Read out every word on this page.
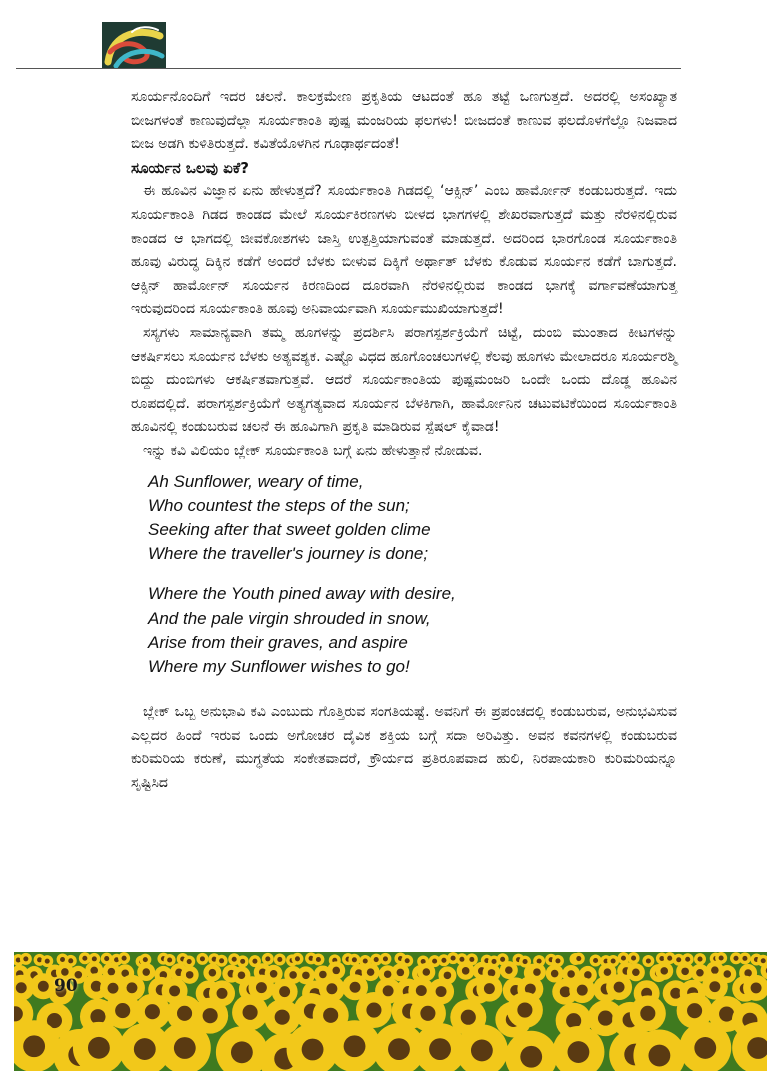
ಸೂರ್ಯನೊಂದಿಗೆ ಇದರ ಚಲನೆ. ಕಾಲಕ್ರಮೇಣ ಪ್ರಕೃತಿಯ ಆಟದಂತೆ ಹೂ ತಟ್ಟೆ ಒಣಗುತ್ತದೆ. ಅದರಲ್ಲಿ ಅಸಂಖ್ಯಾತ ಬೀಜಗಳಂತೆ ಕಾಣುವುದೆಲ್ಲಾ ಸೂರ್ಯಕಾಂತಿ ಪುಷ್ಪ ಮಂಜರಿಯ ಫಲಗಳು! ಬೀಜದಂತೆ ಕಾಣುವ ಫಲದೊಳಗೆಲ್ಲೊ ನಿಜವಾದ ಬೀಜ ಅಡಗಿ ಕುಳಿತಿರುತ್ತದೆ. ಕವಿತೆಯೊಳಗಿನ ಗೂಢಾರ್ಥದಂತೆ!

ಸೂರ್ಯನ ಒಲವು ಏಕೆ?

ಈ ಹೂವಿನ ವಿಜ್ಞಾನ ಏನು ಹೇಳುತ್ತದೆ? ಸೂರ್ಯಕಾಂತಿ ಗಿಡದಲ್ಲಿ ‘ಆಕ್ಸಿನ್’ ಎಂಬ ಹಾರ್ಮೋನ್ ಕಂಡುಬರುತ್ತದೆ. ಇದು ಸೂರ್ಯಕಾಂತಿ ಗಿಡದ ಕಾಂಡದ ಮೇಲೆ ಸೂರ್ಯಕಿರಣಗಳು ಬೀಳದ ಭಾಗಗಳಲ್ಲಿ ಶೇಖರವಾಗುತ್ತದೆ ಮತ್ತು ನೆರಳಿನಲ್ಲಿರುವ ಕಾಂಡದ ಆ ಭಾಗದಲ್ಲಿ ಜೀವಕೋಶಗಳು ಜಾಸ್ತಿ ಉತ್ಪತ್ತಿಯಾಗುವಂತೆ ಮಾಡುತ್ತದೆ. ಅದರಿಂದ ಭಾರಗೊಂಡ ಸೂರ್ಯಕಾಂತಿ ಹೂವು ವಿರುದ್ಧ ದಿಕ್ಕಿನ ಕಡೆಗೆ ಅಂದರೆ ಬೆಳಕು ಬೀಳುವ ದಿಕ್ಕಿಗೆ ಅರ್ಥಾತ್ ಬೆಳಕು ಕೊಡುವ ಸೂರ್ಯನ ಕಡೆಗೆ ಬಾಗುತ್ತದೆ. ಆಕ್ಸಿನ್ ಹಾರ್ಮೋನ್ ಸೂರ್ಯನ ಕಿರಣದಿಂದ ದೂರವಾಗಿ ನೆರಳಿನಲ್ಲಿರುವ ಕಾಂಡದ ಭಾಗಕ್ಕೆ ವರ್ಗಾವಣೆಯಾಗುತ್ತ ಇರುವುದರಿಂದ ಸೂರ್ಯಕಾಂತಿ ಹೂವು ಅನಿವಾರ್ಯವಾಗಿ ಸೂರ್ಯಮುಖಿಯಾಗುತ್ತದೆ!

ಸಸ್ಯಗಳು ಸಾಮಾನ್ಯವಾಗಿ ತಮ್ಮ ಹೂಗಳನ್ನು ಪ್ರದರ್ಶಿಸಿ ಪರಾಗಸ್ಪರ್ಶಕ್ರಿಯೆಗೆ ಚಿಟ್ಟೆ, ದುಂಬಿ ಮುಂತಾದ ಕೀಟಗಳನ್ನು ಆಕರ್ಷಿಸಲು ಸೂರ್ಯನ ಬೆಳಕು ಅತ್ಯವಶ್ಯಕ. ಎಷ್ಟೊ ವಿಧದ ಹೂಗೊಂಚಲುಗಳಲ್ಲಿ ಕೆಲವು ಹೂಗಳು ಮೇಲಾದರೂ ಸೂರ್ಯರಶ್ಮಿ ಬಿದ್ದು ದುಂಬಿಗಳು ಆಕರ್ಷಿತವಾಗುತ್ತವೆ. ಆದರೆ ಸೂರ್ಯಕಾಂತಿಯ ಪುಷ್ಪಮಂಜರಿ ಒಂದೇ ಒಂದು ದೊಡ್ಡ ಹೂವಿನ ರೂಪದಲ್ಲಿದೆ. ಪರಾಗಸ್ಪರ್ಶಕ್ರಿಯೆಗೆ ಅತ್ಯಗತ್ಯವಾದ ಸೂರ್ಯನ ಬೆಳಕಿಗಾಗಿ, ಹಾರ್ಮೋನಿನ ಚಟುವಟಿಕೆಯಿಂದ ಸೂರ್ಯಕಾಂತಿ ಹೂವಿನಲ್ಲಿ ಕಂಡುಬರುವ ಚಲನೆ ಈ ಹೂವಿಗಾಗಿ ಪ್ರಕೃತಿ ಮಾಡಿರುವ ಸ್ಪೆಷಲ್ ಕೈವಾಡ!

ಇನ್ನು ಕವಿ ವಿಲಿಯಂ ಬ್ಲೇಕ್ ಸೂರ್ಯಕಾಂತಿ ಬಗ್ಗೆ ಏನು ಹೇಳುತ್ತಾನೆ ನೋಡುವ.

Ah Sunflower, weary of time,
Who countest the steps of the sun;
Seeking after that sweet golden clime
Where the traveller's journey is done;
Where the Youth pined away with desire,
And the pale virgin shrouded in snow,
Arise from their graves, and aspire
Where my Sunflower wishes to go!

ಬ್ಲೇಕ್ ಒಬ್ಬ ಅನುಭಾವಿ ಕವಿ ಎಂಬುದು ಗೊತ್ತಿರುವ ಸಂಗತಿಯಷ್ಟೆ. ಅವನಿಗೆ ಈ ಪ್ರಪಂಚದಲ್ಲಿ ಕಂಡುಬರುವ, ಅನುಭವಿಸುವ ಎಲ್ಲದರ ಹಿಂದೆ ಇರುವ ಒಂದು ಅಗೋಚರ ದೈವಿಕ ಶಕ್ತಿಯ ಬಗ್ಗೆ ಸದಾ ಅರಿವಿತ್ತು. ಅವನ ಕವನಗಳಲ್ಲಿ ಕಂಡುಬರುವ ಕುರಿಮರಿಯ ಕರುಣೆ, ಮುಗ್ಧತೆಯ ಸಂಕೇತವಾದರೆ, ಕ್ರೌರ್ಯದ ಪ್ರತಿರೂಪವಾದ ಹುಲಿ, ನಿರಪಾಯಕಾರಿ ಕುರಿಮರಿಯನ್ನೂ ಸೃಷ್ಟಿಸಿದ

90
